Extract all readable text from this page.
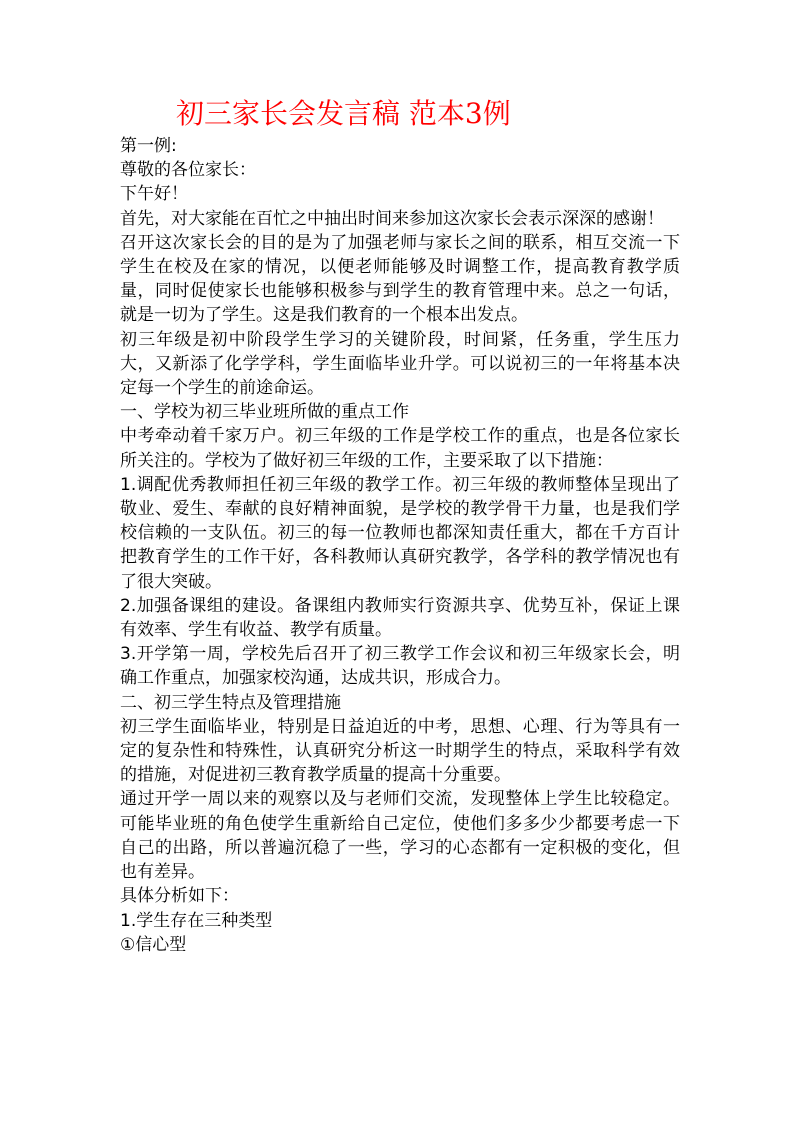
初三家长会发言稿 范本3例

第一例:

尊敬的各位家长：

下午好！

首先，对大家能在百忙之中抽出时间来参加这次家长会表示深深的感谢！

召开这次家长会的目的是为了加强老师与家长之间的联系，相互交流一下学生在校及在家的情况，以便老师能够及时调整工作，提高教育教学质量，同时促使家长也能够积极参与到学生的教育管理中来。总之一句话，就是一切为了学生。这是我们教育的一个根本出发点。

初三年级是初中阶段学生学习的关键阶段，时间紧，任务重，学生压力大，又新添了化学学科，学生面临毕业升学。可以说初三的一年将基本决定每一个学生的前途命运。

一、学校为初三毕业班所做的重点工作

中考牵动着千家万户。初三年级的工作是学校工作的重点，也是各位家长所关注的。学校为了做好初三年级的工作，主要采取了以下措施：

1.调配优秀教师担任初三年级的教学工作。初三年级的教师整体呈现出了敬业、爱生、奉献的良好精神面貌，是学校的教学骨干力量，也是我们学校信赖的一支队伍。初三的每一位教师也都深知责任重大，都在千方百计把教育学生的工作干好，各科教师认真研究教学，各学科的教学情况也有了很大突破。

2.加强备课组的建设。备课组内教师实行资源共享、优势互补，保证上课有效率、学生有收益、教学有质量。

3.开学第一周，学校先后召开了初三教学工作会议和初三年级家长会，明确工作重点，加强家校沟通，达成共识，形成合力。

二、初三学生特点及管理措施

初三学生面临毕业，特别是日益迫近的中考，思想、心理、行为等具有一定的复杂性和特殊性，认真研究分析这一时期学生的特点，采取科学有效的措施，对促进初三教育教学质量的提高十分重要。

通过开学一周以来的观察以及与老师们交流，发现整体上学生比较稳定。可能毕业班的角色使学生重新给自己定位，使他们多多少少都要考虑一下自己的出路，所以普遍沉稳了一些，学习的心态都有一定积极的变化，但也有差异。

具体分析如下：

1.学生存在三种类型

①信心型
